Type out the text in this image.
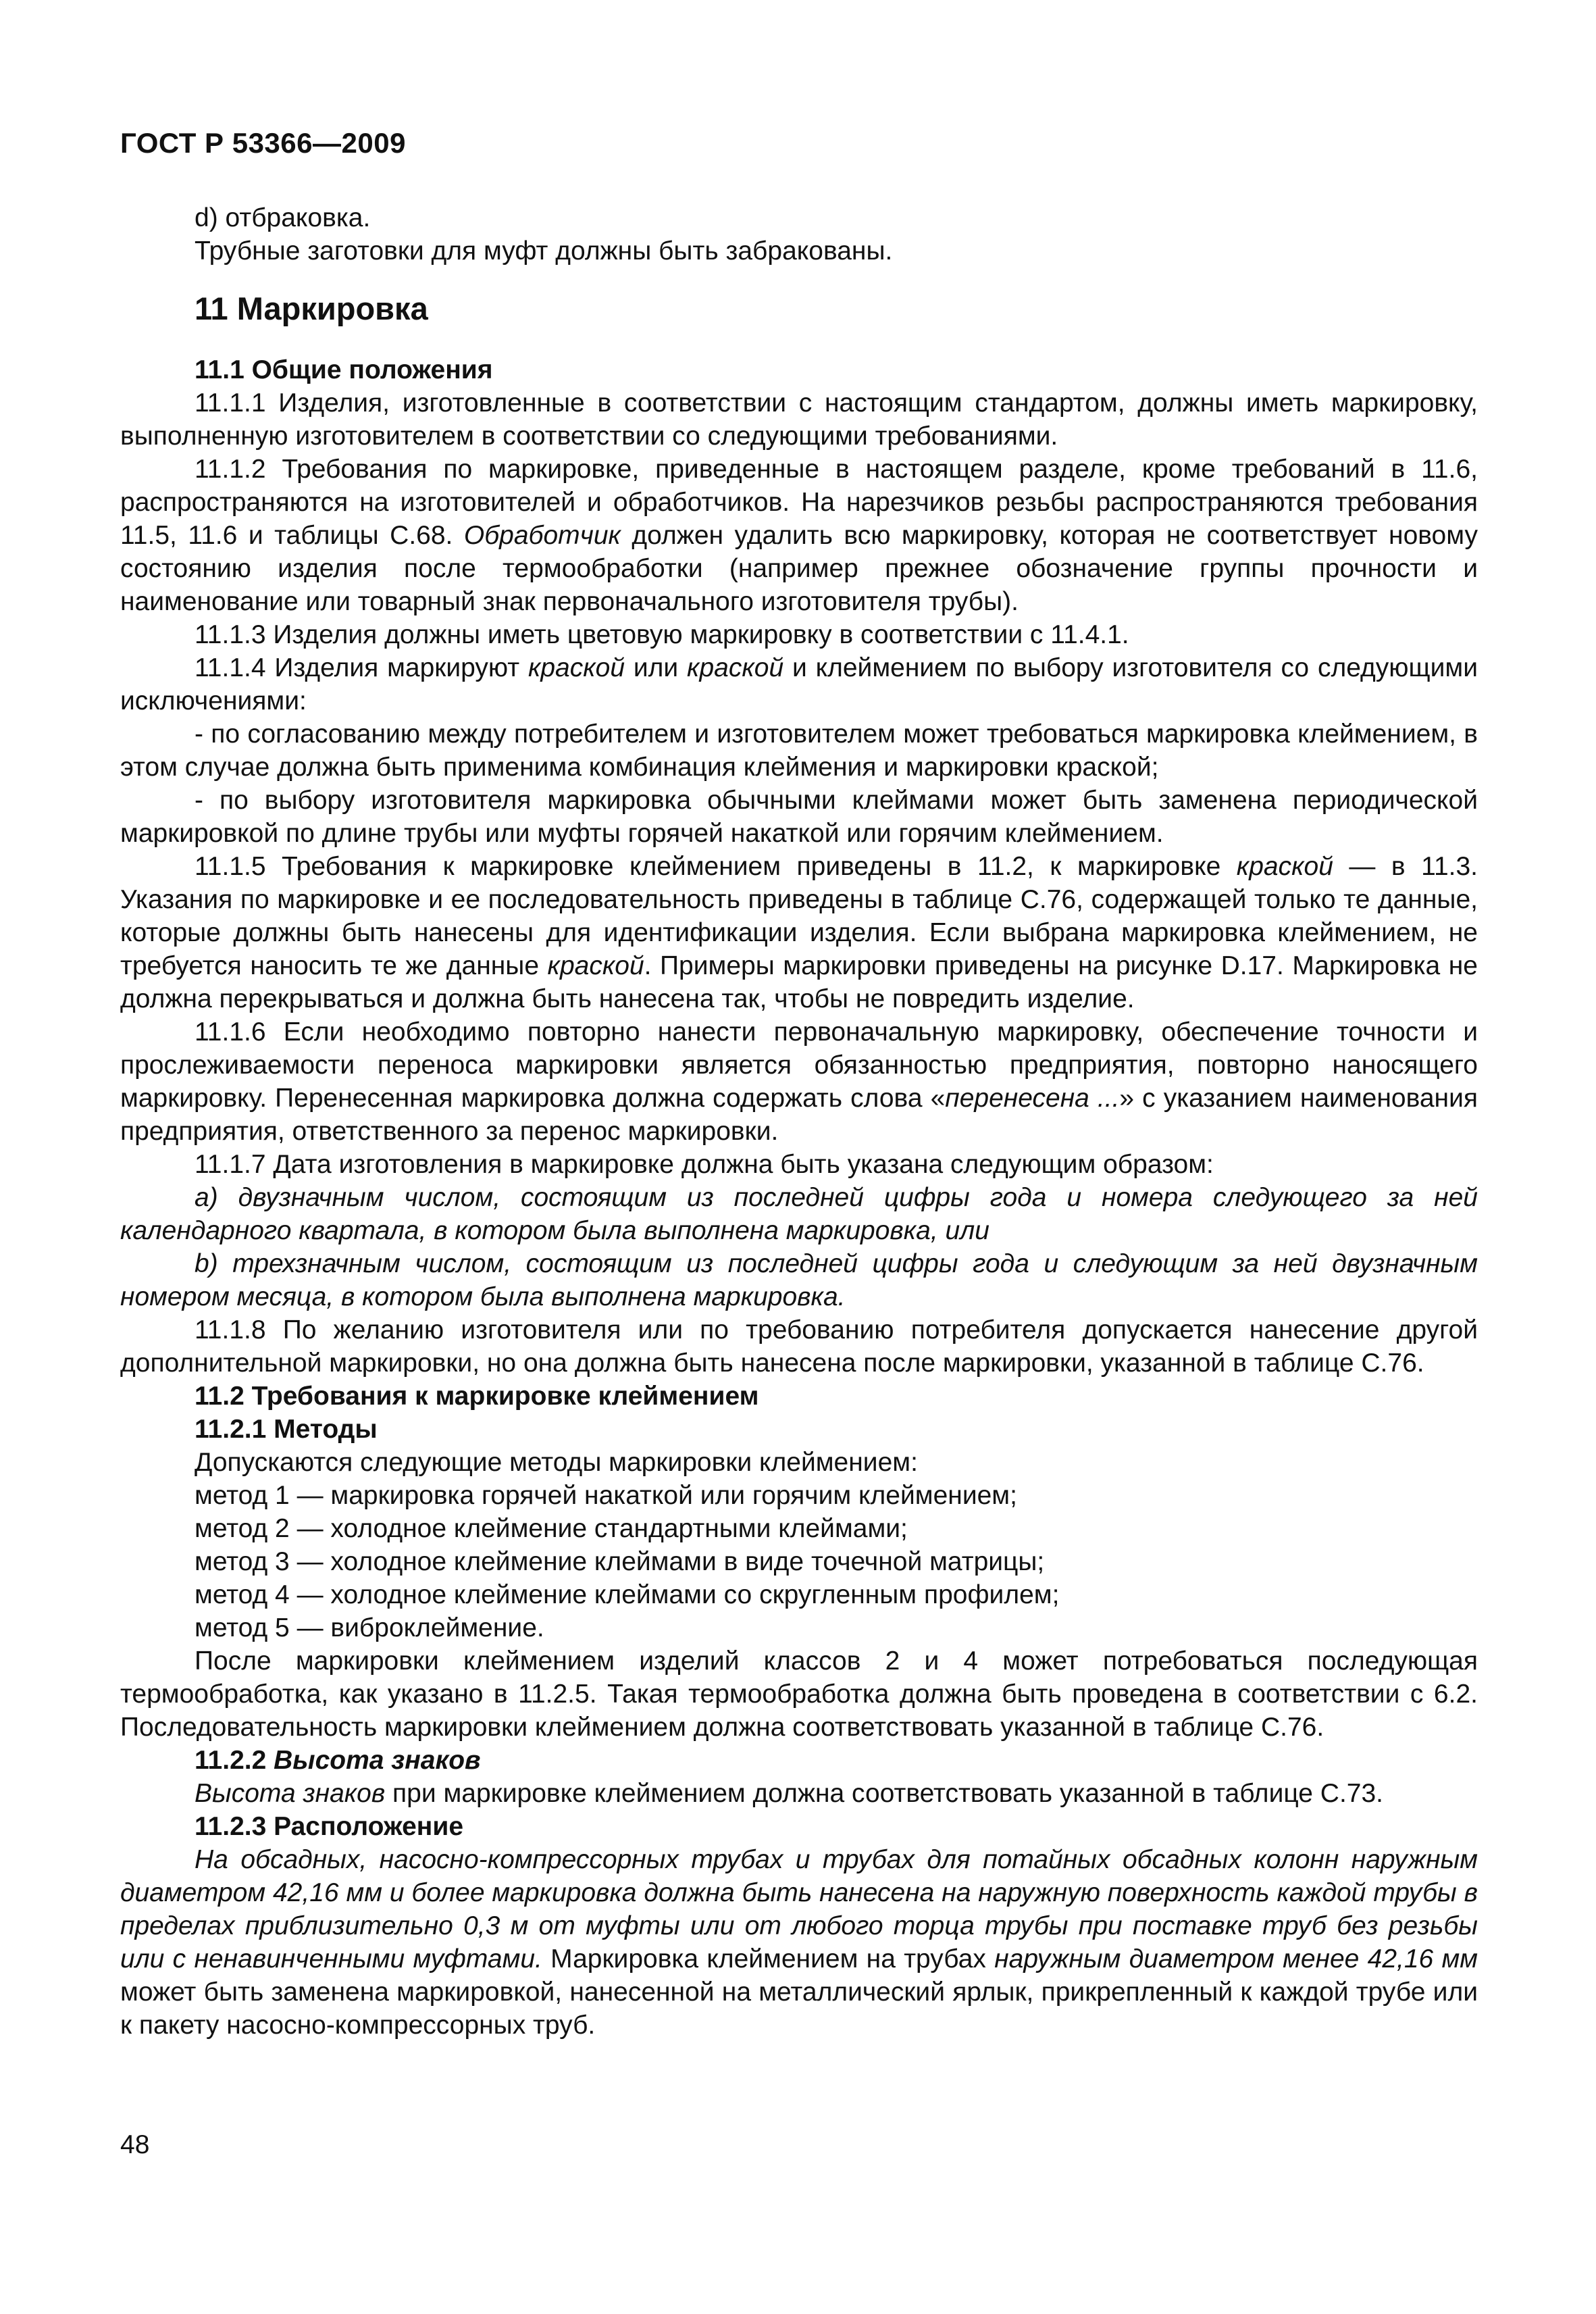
ГОСТ Р 53366—2009

d) отбраковка.

Трубные заготовки для муфт должны быть забракованы.

11 Маркировка

11.1 Общие положения

11.1.1 Изделия, изготовленные в соответствии с настоящим стандартом, должны иметь маркировку, выполненную изготовителем в соответствии со следующими требованиями.

11.1.2 Требования по маркировке, приведенные в настоящем разделе, кроме требований в 11.6, распространяются на изготовителей и обработчиков. На нарезчиков резьбы распространяются требования 11.5, 11.6 и таблицы С.68. Обработчик должен удалить всю маркировку, которая не соответствует новому состоянию изделия после термообработки (например прежнее обозначение группы прочности и наименование или товарный знак первоначального изготовителя трубы).

11.1.3 Изделия должны иметь цветовую маркировку в соответствии с 11.4.1.

11.1.4 Изделия маркируют краской или краской и клеймением по выбору изготовителя со следующими исключениями:

- по согласованию между потребителем и изготовителем может требоваться маркировка клеймением, в этом случае должна быть применима комбинация клеймения и маркировки краской;

- по выбору изготовителя маркировка обычными клеймами может быть заменена периодической маркировкой по длине трубы или муфты горячей накаткой или горячим клеймением.

11.1.5 Требования к маркировке клеймением приведены в 11.2, к маркировке краской — в 11.3. Указания по маркировке и ее последовательность приведены в таблице С.76, содержащей только те данные, которые должны быть нанесены для идентификации изделия. Если выбрана маркировка клеймением, не требуется наносить те же данные краской. Примеры маркировки приведены на рисунке D.17. Маркировка не должна перекрываться и должна быть нанесена так, чтобы не повредить изделие.

11.1.6 Если необходимо повторно нанести первоначальную маркировку, обеспечение точности и прослеживаемости переноса маркировки является обязанностью предприятия, повторно наносящего маркировку. Перенесенная маркировка должна содержать слова «перенесена ...» с указанием наименования предприятия, ответственного за перенос маркировки.

11.1.7 Дата изготовления в маркировке должна быть указана следующим образом:

а) двузначным числом, состоящим из последней цифры года и номера следующего за ней календарного квартала, в котором была выполнена маркировка, или

b) трехзначным числом, состоящим из последней цифры года и следующим за ней двузначным номером месяца, в котором была выполнена маркировка.

11.1.8 По желанию изготовителя или по требованию потребителя допускается нанесение другой дополнительной маркировки, но она должна быть нанесена после маркировки, указанной в таблице С.76.

11.2 Требования к маркировке клеймением

11.2.1 Методы

Допускаются следующие методы маркировки клеймением:

метод 1 — маркировка горячей накаткой или горячим клеймением;

метод 2 — холодное клеймение стандартными клеймами;

метод 3 — холодное клеймение клеймами в виде точечной матрицы;

метод 4 — холодное клеймение клеймами со скругленным профилем;

метод 5 — виброклеймение.

После маркировки клеймением изделий классов 2 и 4 может потребоваться последующая термообработка, как указано в 11.2.5. Такая термообработка должна быть проведена в соответствии с 6.2. Последовательность маркировки клеймением должна соответствовать указанной в таблице С.76.

11.2.2 Высота знаков

Высота знаков при маркировке клеймением должна соответствовать указанной в таблице С.73.

11.2.3 Расположение

На обсадных, насосно-компрессорных трубах и трубах для потайных обсадных колонн наружным диаметром 42,16 мм и более маркировка должна быть нанесена на наружную поверхность каждой трубы в пределах приблизительно 0,3 м от муфты или от любого торца трубы при поставке труб без резьбы или с ненавинченными муфтами. Маркировка клеймением на трубах наружным диаметром менее 42,16 мм может быть заменена маркировкой, нанесенной на металлический ярлык, прикрепленный к каждой трубе или к пакету насосно-компрессорных труб.

48
